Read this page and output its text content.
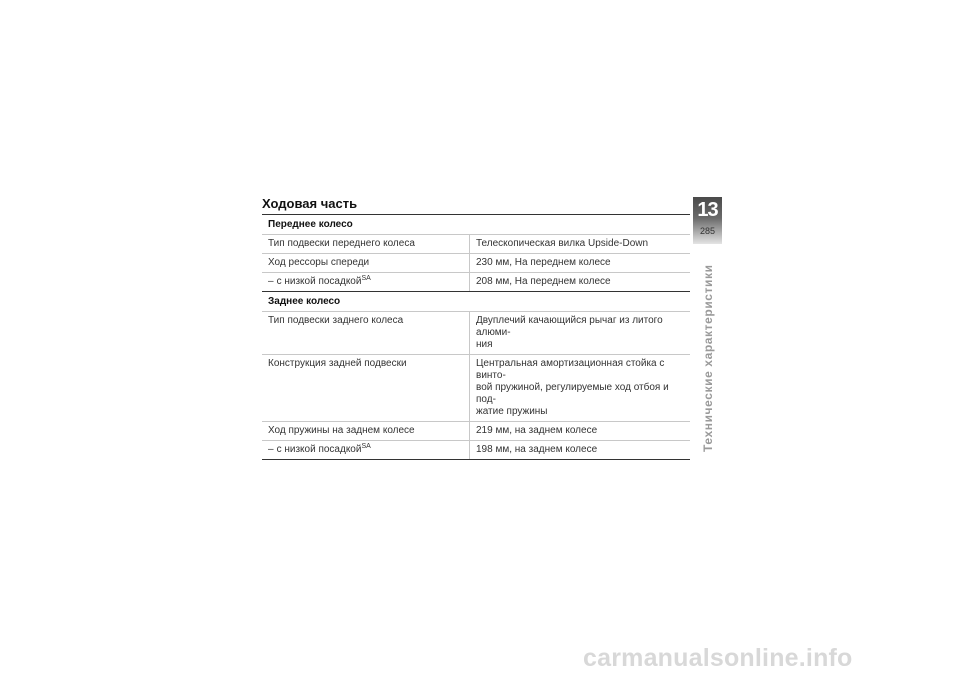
Ходовая часть
Переднее колесо
Тип подвески переднего колеса	Телескопическая вилка Upside-Down
Ход рессоры спереди	230 мм, На переднем колесе
– с низкой посадкой$^{SA}$	208 мм, На переднем колесе
Заднее колесо
Тип подвески заднего колеса	Двуплечий качающийся рычаг из литого алюми-
ния
Конструкция задней подвески	Центральная амортизационная стойка с винто-
вой пружиной, регулируемые ход отбоя и под-
жатие пружины
Ход пружины на заднем колесе	219 мм, на заднем колесе
– с низкой посадкой$^{SA}$	198 мм, на заднем колесе
13
285
Технические характеристики
carmanualsonline.info
